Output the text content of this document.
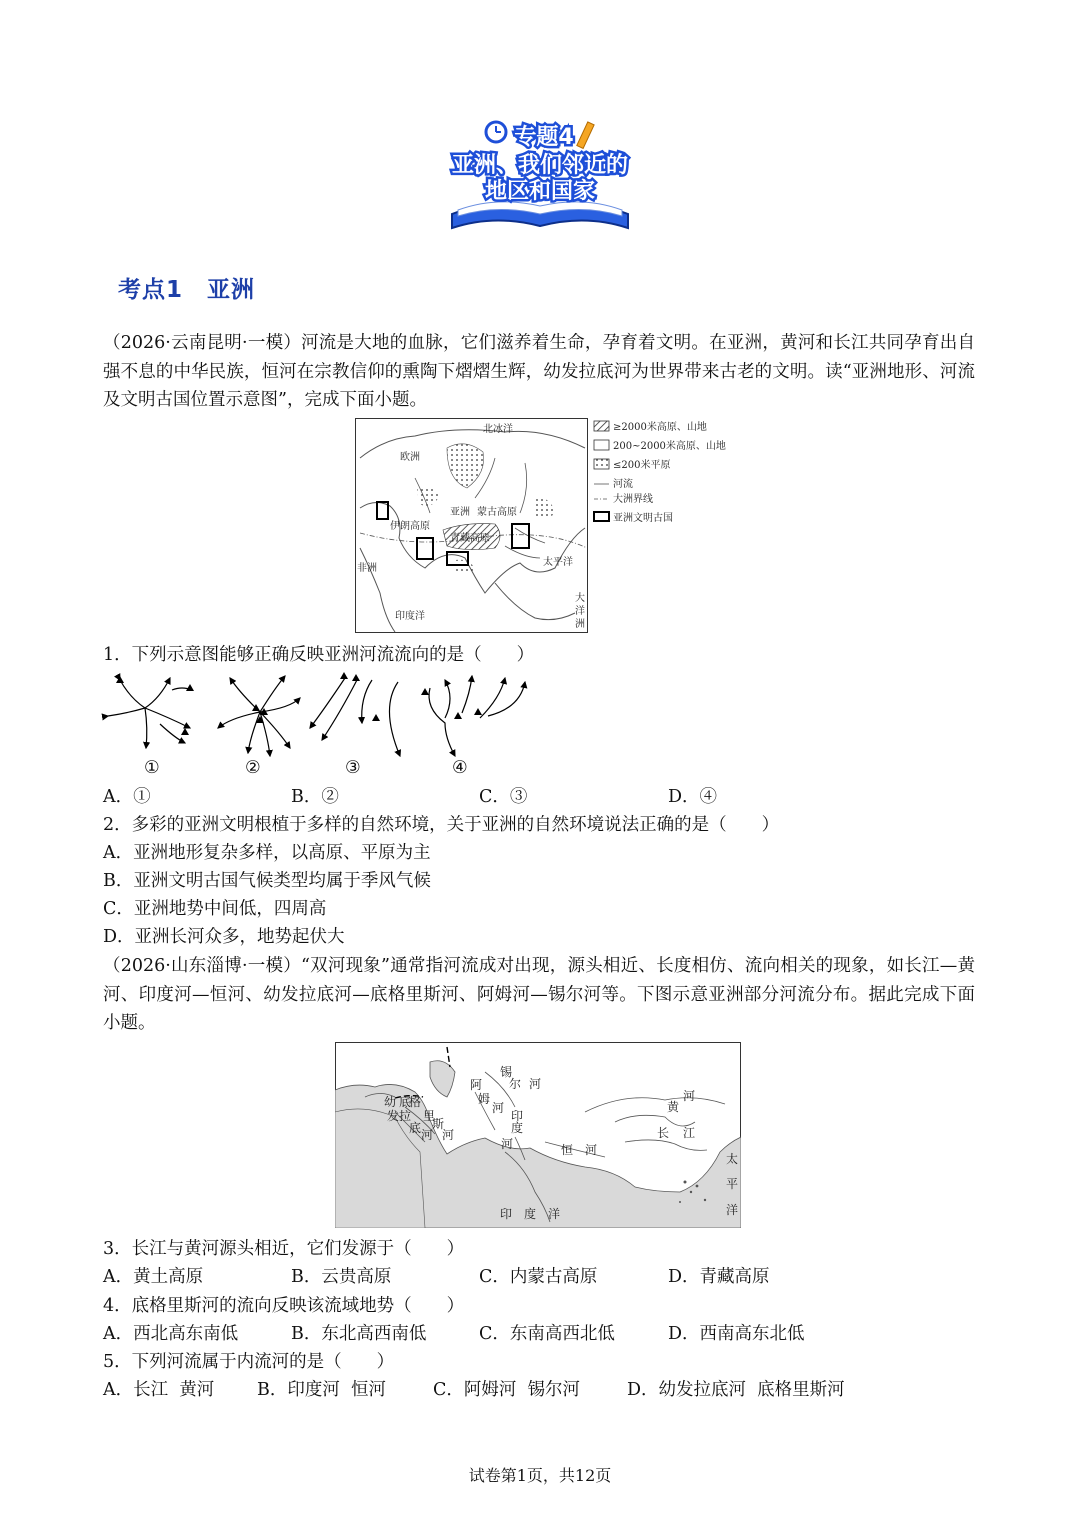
专题4
亚洲、我们邻近的
地区和国家
考点1　亚洲
（2026·云南昆明·一模）河流是大地的血脉，它们滋养着生命，孕育着文明。在亚洲，黄河和长江共同孕育出自强不息的中华民族，恒河在宗教信仰的熏陶下熠熠生辉，幼发拉底河为世界带来古老的文明。读“亚洲地形、河流及文明古国位置示意图”，完成下面小题。
北冰洋
欧洲
亚洲 蒙古高原
伊朗高原
青藏高原
非洲
太平洋
印度洋
大
洋
洲
≥2000米高原、山地
200~2000米高原、山地
≤200米平原
河流
大洲界线
亚洲文明古国
1．下列示意图能够正确反映亚洲河流流向的是（　　）
①	②	③	④
A．①	B．②	C．③	D．④
2．多彩的亚洲文明根植于多样的自然环境，关于亚洲的自然环境说法正确的是（　　）
A．亚洲地形复杂多样，以高原、平原为主
B．亚洲文明古国气候类型均属于季风气候
C．亚洲地势中间低，四周高
D．亚洲长河众多，地势起伏大
（2026·山东淄博·一模）“双河现象”通常指河流成对出现，源头相近、长度相仿、流向相关的现象，如长江—黄河、印度河—恒河、幼发拉底河—底格里斯河、阿姆河—锡尔河等。下图示意亚洲部分河流分布。据此完成下面小题。
锡
尔 河
阿
姆
河
幼
发 拉
底 河
底
格
里
斯
河
印
度
河	恒　河
黄
河
长 江
太
平
洋
印　度　洋
3．长江与黄河源头相近，它们发源于（　　）
A．黄土高原	B．云贵高原	C．内蒙古高原	D．青藏高原
4．底格里斯河的流向反映该流域地势（　　）
A．西北高东南低	B．东北高西南低	C．东南高西北低	D．西南高东北低
5．下列河流属于内流河的是（　　）
A．长江  黄河 B．印度河  恒河	C．阿姆河  锡尔河	D．幼发拉底河  底格里斯河
试卷第1页，共12页
